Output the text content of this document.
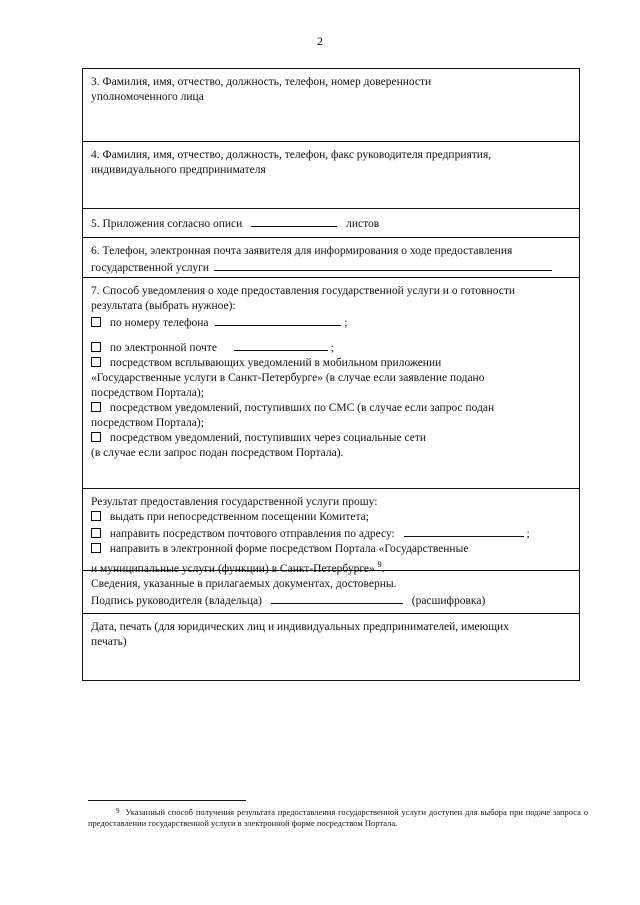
2
3. Фамилия, имя, отчество, должность, телефон, номер доверенности
уполномоченного лица
4. Фамилия, имя, отчество, должность, телефон, факс руководителя предприятия,
индивидуального предпринимателя
5. Приложения согласно описи	листов
6. Телефон, электронная почта заявителя для информирования о ходе предоставления
государственной услуги
7. Способ уведомления о ходе предоставления государственной услуги и о готовности
результата (выбрать нужное):
по номеру телефона	;
по электронной почте	;
посредством всплывающих уведомлений в мобильном приложении
«Государственные услуги в Санкт-Петербурге» (в случае если заявление подано
посредством Портала);
посредством уведомлений, поступивших по СМС (в случае если запрос подан
посредством Портала);
посредством уведомлений, поступивших через социальные сети
(в случае если запрос подан посредством Портала).
Результат предоставления государственной услуги прошу:
выдать при непосредственном посещении Комитета;
направить посредством почтового отправления по адресу:	;
направить в электронной форме посредством Портала «Государственные
и муниципальные услуги (функции) в Санкт-Петербурге» $^9$.
Сведения, указанные в прилагаемых документах, достоверны.
Подпись руководителя (владельца)	(расшифровка)
Дата, печать (для юридических лиц и индивидуальных предпринимателей, имеющих
печать)
$^9$ Указанный способ получения результата предоставления государственной услуги доступен для выбора при подаче запроса о предоставлении государственной услуги в электронной форме посредством Портала.
